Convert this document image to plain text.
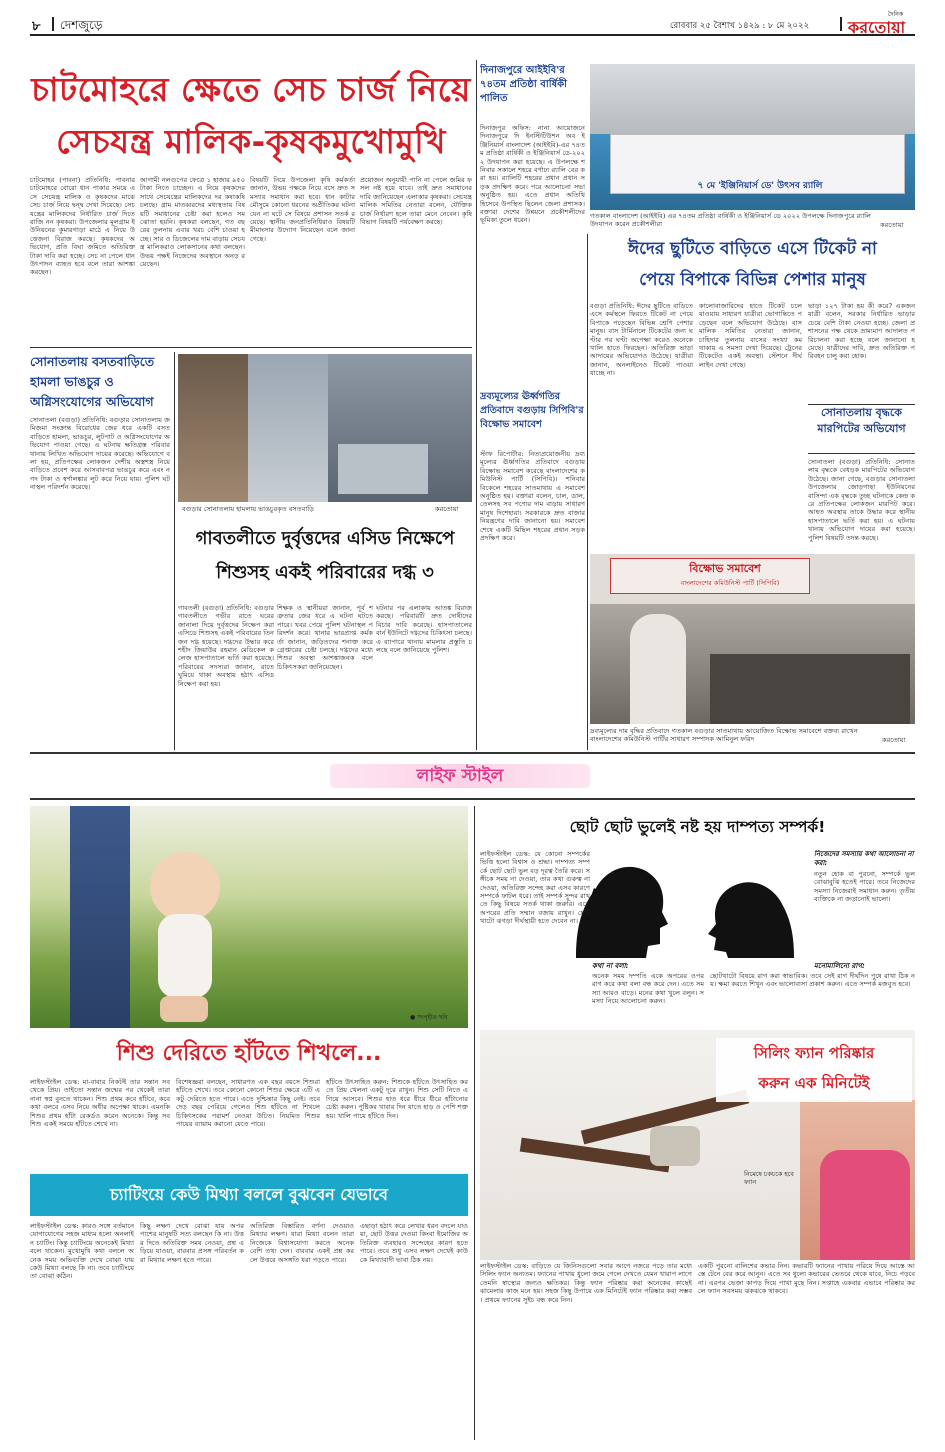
৮ দেশজুড়ে	রোববার ২৫ বৈশাখ ১৪২৯ : ৮ মে ২০২২
দৈনিক
করতোয়া
চাটমোহরে ক্ষেতে সেচ চার্জ নিয়ে
সেচযন্ত্র মালিক-কৃষকমুখোমুখি
চাটমোহর (পাবনা) প্রতিনিধি: পাবনার চাটমোহরে বোরো ধান পাকার সময়ে এসে সেচযন্ত্র মালিক ও কৃষকদের মাঝে সেচ চার্জ নিয়ে দ্বন্দ্ব দেখা দিয়েছে। সেচযন্ত্রের মালিকদের নির্ধারিত চার্জ দিতে রাজি নন কৃষকরা। উপজেলার মূলগ্রাম ইউনিয়নের কুমারগাড়া মাঠে এ নিয়ে উত্তেজনা বিরাজ করছে। কৃষকদের অভিযোগ, প্রতি বিঘা জমিতে অতিরিক্ত টাকা দাবি করা হচ্ছে। সেচ না পেলে ধান উৎপাদন ব্যাহত হবে বলে তারা আশঙ্কা করছেন।
আগামী নলগুপের ফেত্রে ১ হাজার ৯৫০ টাকা নিতে চাচ্ছেন। এ নিয়ে কৃষকদের সাথে সেচযন্ত্রের মালিকদের দর কষাকষি চলছে। গ্রাম মাতব্বরদের মধ্যস্থতায় বিষয়টি সমাধানের চেষ্টা করা হলেও সমঝোতা হয়নি। কৃষকরা বলছেন, গত বছরের তুলনায় এবার খরচ বেশি চাওয়া হচ্ছে। সার ও ডিজেলের দাম বাড়ায় সেচযন্ত্র মালিকরাও লোকসানের কথা বলছেন। উভয় পক্ষই নিজেদের অবস্থানে অনড় রয়েছেন।
বিষয়টি নিয়ে উপজেলা কৃষি কর্মকর্তা জানান, উভয় পক্ষকে নিয়ে বসে দ্রুত সমস্যার সমাধান করা হবে। ধান কাটার মৌসুমে কোনো ধরনের অপ্রীতিকর ঘটনা যেন না ঘটে সে বিষয়ে প্রশাসন সতর্ক রয়েছে। স্থানীয় জনপ্রতিনিধিরাও বিষয়টি মীমাংসার উদ্যোগ নিয়েছেন বলে জানা গেছে।
প্রয়োজন অনুযায়ী পানি না পেলে জমির ফসল নষ্ট হয়ে যাবে। তাই দ্রুত সমাধানের দাবি জানিয়েছেন এলাকার কৃষকরা। সেচযন্ত্র মালিক সমিতির নেতারা বলেন, যৌক্তিক চার্জ নির্ধারণ হলে তারা মেনে নেবেন। কৃষি বিভাগ বিষয়টি পর্যবেক্ষণ করছে।
সোনাতলায় বসতবাড়িতে হামলা ভাঙচুর ও অগ্নিসংযোগের অভিযোগ
সোনাতলা (বগুড়া) প্রতিনিধি: বগুড়ার সোনাতলায় জমিজমা সংক্রান্ত বিরোধের জের ধরে একটি বসতবাড়িতে হামলা, ভাঙচুর, লুটপাট ও অগ্নিসংযোগের অভিযোগ পাওয়া গেছে। এ ঘটনায় ক্ষতিগ্রস্ত পরিবার থানায় লিখিত অভিযোগ দায়ের করেছে। অভিযোগে বলা হয়, প্রতিপক্ষের লোকজন দেশীয় অস্ত্রশস্ত্র নিয়ে বাড়িতে প্রবেশ করে আসবাবপত্র ভাঙচুর করে এবং নগদ টাকা ও স্বর্ণালঙ্কার লুট করে নিয়ে যায়। পুলিশ ঘটনাস্থল পরিদর্শন করেছে।
বগুড়ার সোনাতলায় হামলায় ভাঙচুরকৃত বসতবাড়ি	করতোয়া
গাবতলীতে দুর্বৃত্তদের এসিড নিক্ষেপে
শিশুসহ একই পরিবারের দগ্ধ ৩
গাবতলী (বগুড়া) প্রতিনিধি: বগুড়ার গাবতলীতে গভীর রাতে ঘরের জানালা দিয়ে দুর্বৃত্তদের নিক্ষেপ করা এসিডে শিশুসহ একই পরিবারের তিনজন দগ্ধ হয়েছে। দগ্ধদের উদ্ধার করে শহীদ জিয়াউর রহমান মেডিকেল কলেজ হাসপাতালে ভর্তি করা হয়েছে। পরিবারের সদস্যরা জানান, রাতে ঘুমিয়ে থাকা অবস্থায় হঠাৎ এসিড নিক্ষেপ করা হয়।
শিক্ষক ও স্থানীয়রা জানান, পূর্ব শত্রুতার জের ধরে এ ঘটনা ঘটতে পারে। খবর পেয়ে পুলিশ ঘটনাস্থল পরিদর্শন করে। থানার ভারপ্রাপ্ত কর্মকর্তা জানান, জড়িতদের শনাক্ত করে গ্রেপ্তারের চেষ্টা চলছে। দগ্ধদের মধ্যে শিশুর অবস্থা আশঙ্কাজনক বলে চিকিৎসকরা জানিয়েছেন।
ঘটনার পর এলাকায় আতঙ্ক বিরাজ করছে। পরিবারটি দ্রুত দোষীদের বিচার দাবি করেছে। হাসপাতালের বার্ন ইউনিটে দগ্ধদের চিকিৎসা চলছে। এ ব্যাপারে থানায় মামলার প্রস্তুতি চলছে বলে জানিয়েছে পুলিশ।
দিনাজপুরে আইইবি'র ৭৪তম প্রতিষ্ঠা বার্ষিকী পালিত
দিনাজপুর অফিস: নানা আয়োজনে দিনাজপুরে দি ইনস্টিটিউশন অব ইঞ্জিনিয়ার্স বাংলাদেশ (আইইবি)-এর ৭৪তম প্রতিষ্ঠা বার্ষিকী ও ইঞ্জিনিয়ার্স ডে-২০২২ উদযাপন করা হয়েছে। এ উপলক্ষে শনিবার সকালে শহরে বর্ণাঢ্য র‍্যালি বের করা হয়। র‍্যালিটি শহরের প্রধান প্রধান সড়ক প্রদক্ষিণ করে। পরে আলোচনা সভা অনুষ্ঠিত হয়। এতে প্রধান অতিথি হিসেবে উপস্থিত ছিলেন জেলা প্রশাসক। বক্তারা দেশের উন্নয়নে প্রকৌশলীদের ভূমিকা তুলে ধরেন।
৭ মে 'ইঞ্জিনিয়ার্স ডে' উৎসব র‍্যালি
গতকাল বাংলাদেশ (আইইবি) এর ৭৪তম প্রতিষ্ঠা বার্ষিকী ও ইঞ্জিনিয়ার্স ডে ২০২২ উপলক্ষে দিনাজপুরে র‍্যালি উদযাপন করেন প্রকৌশলীরা	করতোয়া
ঈদের ছুটিতে বাড়িতে এসে টিকেট না
পেয়ে বিপাকে বিভিন্ন পেশার মানুষ
বগুড়া প্রতিনিধি: ঈদের ছুটিতে বাড়িতে এসে কর্মস্থলে ফিরতে টিকেট না পেয়ে বিপাকে পড়েছেন বিভিন্ন শ্রেণি পেশার মানুষ। বাস টার্মিনালে টিকেটের জন্য ঘণ্টার পর ঘণ্টা অপেক্ষা করেও অনেকে খালি হাতে ফিরছেন। অতিরিক্ত ভাড়া আদায়ের অভিযোগও উঠেছে। যাত্রীরা জানান, অনলাইনেও টিকেট পাওয়া যাচ্ছে না।
কালোবাজারিদের হাতে টিকেট চলে যাওয়ায় সাধারণ যাত্রীরা ভোগান্তিতে পড়েছেন বলে অভিযোগ উঠেছে। বাস মালিক সমিতির নেতারা জানান, চাহিদার তুলনায় বাসের সংখ্যা কম থাকায় এ সমস্যা দেখা দিয়েছে। ট্রেনের টিকেটেও একই অবস্থা। স্টেশনে দীর্ঘ লাইন দেখা গেছে।
ভাড়া ১২৭ টাকা হয় কী করে? একজন যাত্রী বলেন, সরকার নির্ধারিত ভাড়ার চেয়ে বেশি টাকা নেওয়া হচ্ছে। জেলা প্রশাসনের পক্ষ থেকে ভ্রাম্যমাণ আদালত পরিচালনা করা হচ্ছে বলে জানানো হয়েছে। যাত্রীদের দাবি, দ্রুত অতিরিক্ত পরিবহন চালু করা হোক।
সোনাতলায় বৃদ্ধকে মারপিটের অভিযোগ
সোনাতলা (বগুড়া) প্রতিনিধি: সোনাতলায় বৃদ্ধকে বেধড়ক মারপিটের অভিযোগ উঠেছে। জানা গেছে, বগুড়ার সোনাতলা উপজেলার জোড়গাছা ইউনিয়নের বাসিন্দা এক বৃদ্ধকে তুচ্ছ ঘটনাকে কেন্দ্র করে প্রতিপক্ষের লোকজন মারপিট করে। আহত অবস্থায় তাকে উদ্ধার করে স্থানীয় হাসপাতালে ভর্তি করা হয়। এ ঘটনায় থানায় অভিযোগ দায়ের করা হয়েছে। পুলিশ বিষয়টি তদন্ত করছে।
দ্রব্যমূল্যের ঊর্ধ্বগতির প্রতিবাদে বগুড়ায় সিপিবি'র বিক্ষোভ সমাবেশ
স্টাফ রিপোর্টার: নিত্যপ্রয়োজনীয় দ্রব্যমূল্যের ঊর্ধ্বগতির প্রতিবাদে বগুড়ায় বিক্ষোভ সমাবেশ করেছে বাংলাদেশের কমিউনিস্ট পার্টি (সিপিবি)। শনিবার বিকেলে শহরের সাতমাথায় এ সমাবেশ অনুষ্ঠিত হয়। বক্তারা বলেন, চাল, ডাল, তেলসহ সব পণ্যের দাম বাড়ায় সাধারণ মানুষ দিশেহারা। সরকারকে দ্রুত বাজার নিয়ন্ত্রণের দাবি জানানো হয়। সমাবেশ শেষে একটি মিছিল শহরের প্রধান সড়ক প্রদক্ষিণ করে।
বিক্ষোভ সমাবেশ
বাংলাদেশের কমিউনিস্ট পার্টি (সিপিবি)
দ্রব্যমূল্যের দাম বৃদ্ধির প্রতিবাদে গতকাল বগুড়ার সাতমাথায় আয়োজিত বিক্ষোভ সমাবেশে বক্তব্য রাখেন বাংলাদেশের কমিউনিস্ট পার্টির সাধারণ সম্পাদক আমিনুল ফরিদ	করতোয়া
লাইফ স্টাইল
● সংগৃহীত ছবি
শিশু দেরিতে হাঁটতে শিখলে...
লাইফস্টাইল ডেস্ক: মা-বাবার নিকটই তার সন্তান সব থেকে প্রিয়। তাইতো সন্তান জন্মের পর থেকেই তারা নানা স্বপ্ন বুনতে থাকেন। শিশু প্রথম কবে হাঁটবে, কবে কথা বলবে এসব নিয়ে অধীর অপেক্ষা থাকে। এমনকি শিশুর প্রথম হাঁটা রেকর্ডও করেন অনেকে। কিন্তু সব শিশু একই সময়ে হাঁটতে শেখে না।
বিশেষজ্ঞরা বলছেন, সাধারণত এক বছর বয়সে শিশুরা হাঁটতে শেখে। তবে কোনো কোনো শিশুর ক্ষেত্রে এটি একটু দেরিতে হতে পারে। এতে দুশ্চিন্তার কিছু নেই। তবে দেড় বছর পেরিয়ে গেলেও শিশু হাঁটতে না শিখলে চিকিৎসকের পরামর্শ নেওয়া উচিত। নিয়মিত শিশুর পায়ের ব্যায়াম করানো যেতে পারে।
হাঁটতে উৎসাহিত করুন: শিশুকে হাঁটতে উৎসাহিত করতে প্রিয় খেলনা একটু দূরে রাখুন। শিশু সেটি নিতে এগিয়ে আসবে। শিশুর হাত ধরে ধীরে ধীরে হাঁটানোর চেষ্টা করুন। পুষ্টিকর খাবার দিন যাতে হাড় ও পেশি শক্ত হয়। খালি পায়ে হাঁটতে দিন।
চ্যাটিংয়ে কেউ মিথ্যা বললে বুঝবেন যেভাবে
লাইফস্টাইল ডেস্ক: কারও সঙ্গে বর্তমানে যোগাযোগের সহজ মাধ্যম হলো অনলাইন চ্যাটিং। কিন্তু চ্যাটিংয়ে অনেকেই মিথ্যা বলে থাকেন। মুখোমুখি কথা বললে অনেক সময় অভিব্যক্তি দেখে বোঝা যায় কেউ মিথ্যা বলছে কি না। তবে চ্যাটিংয়ে তা বোঝা কঠিন।
কিছু লক্ষণ দেখে বোঝা যায় অপর পাশের মানুষটি সত্য বলছেন কি না। উত্তর দিতে অতিরিক্ত সময় নেওয়া, প্রশ্ন এড়িয়ে যাওয়া, বারবার প্রসঙ্গ পরিবর্তন করা মিথ্যার লক্ষণ হতে পারে।
অতিরিক্ত বিস্তারিত বর্ণনা দেওয়াও মিথ্যার লক্ষণ। যারা মিথ্যা বলেন তারা নিজেকে বিশ্বাসযোগ্য করতে অনেক বেশি তথ্য দেন। বারবার একই প্রশ্ন করলে উত্তরে অসঙ্গতি ধরা পড়তে পারে।
এছাড়া হঠাৎ করে লেখার ধরন বদলে যাওয়া, ছোট উত্তর দেওয়া কিংবা ইমোজির অতিরিক্ত ব্যবহারও সন্দেহের কারণ হতে পারে। তবে শুধু এসব লক্ষণ দেখেই কাউকে মিথ্যাবাদী ভাবা ঠিক নয়।
ছোট ছোট ভুলেই নষ্ট হয় দাম্পত্য সম্পর্ক!
লাইফস্টাইল ডেস্ক: যে কোনো সম্পর্কের ভিত্তি হলো বিশ্বাস ও শ্রদ্ধা। দাম্পত্য সম্পর্কে ছোট ছোট ভুল বড় দূরত্ব তৈরি করে। সঙ্গীকে সময় না দেওয়া, তার কথা গুরুত্ব না দেওয়া, অতিরিক্ত সন্দেহ করা এসব কারণে সম্পর্কে ফাটল ধরে। তাই সম্পর্ক সুন্দর রাখতে কিছু বিষয়ে সতর্ক থাকা জরুরি। একে অপরের প্রতি সম্মান বজায় রাখুন। ছোটখাটো ঝগড়া দীর্ঘস্থায়ী হতে দেবেন না।
কথা না বলা:
অনেক সময় দম্পতি একে অপরের ওপর রাগ করে কথা বলা বন্ধ করে দেন। এতে সমস্যা আরও বাড়ে। মনের কথা খুলে বলুন। সমস্যা নিয়ে আলোচনা করুন।
নিজেদের সমস্যায় কথা আলোচনা না করা:
নতুন হোক বা পুরনো, সম্পর্কে ভুল বোঝাবুঝি হতেই পারে। তবে নিজেদের সমস্যা নিজেরাই সমাধান করুন। তৃতীয় ব্যক্তিকে না জড়ানোই ভালো।
মনোমালিন্যে রাগ:
ছোটখাটো বিষয়ে রাগ করা স্বাভাবিক। তবে সেই রাগ দীর্ঘদিন পুষে রাখা ঠিক নয়। ক্ষমা করতে শিখুন এবং ভালোবাসা প্রকাশ করুন। এতে সম্পর্ক মজবুত হবে।
সিলিং ফ্যান পরিষ্কার
করুন এক মিনিটেই
লাইফস্টাইল ডেস্ক: বাড়িতে যে জিনিসগুলো সবার আগে নজরে পড়ে তার মধ্যে সিলিং ফ্যান অন্যতম। ফ্যানের পাখায় ধুলো জমে গেলে দেখতে যেমন খারাপ লাগে তেমনি স্বাস্থ্যের জন্যও ক্ষতিকর। কিন্তু ফ্যান পরিষ্কার করা অনেকের কাছেই ঝামেলার কাজ মনে হয়। সহজ কিছু উপায়ে এক মিনিটেই ফ্যান পরিষ্কার করা সম্ভব। প্রথমে ফ্যানের সুইচ বন্ধ করে নিন।
একটি পুরনো বালিশের কভার নিন। কভারটি ফ্যানের পাখায় পরিয়ে দিয়ে আস্তে আস্তে টেনে বের করে আনুন। এতে সব ধুলো কভারের ভেতরে থেকে যাবে, নিচে পড়বে না। এরপর ভেজা কাপড় দিয়ে পাখা মুছে নিন। সপ্তাহে একবার এভাবে পরিষ্কার করলে ফ্যান সবসময় ঝকঝকে থাকবে।
নিমেষে চকচকে হবে ফ্যান
